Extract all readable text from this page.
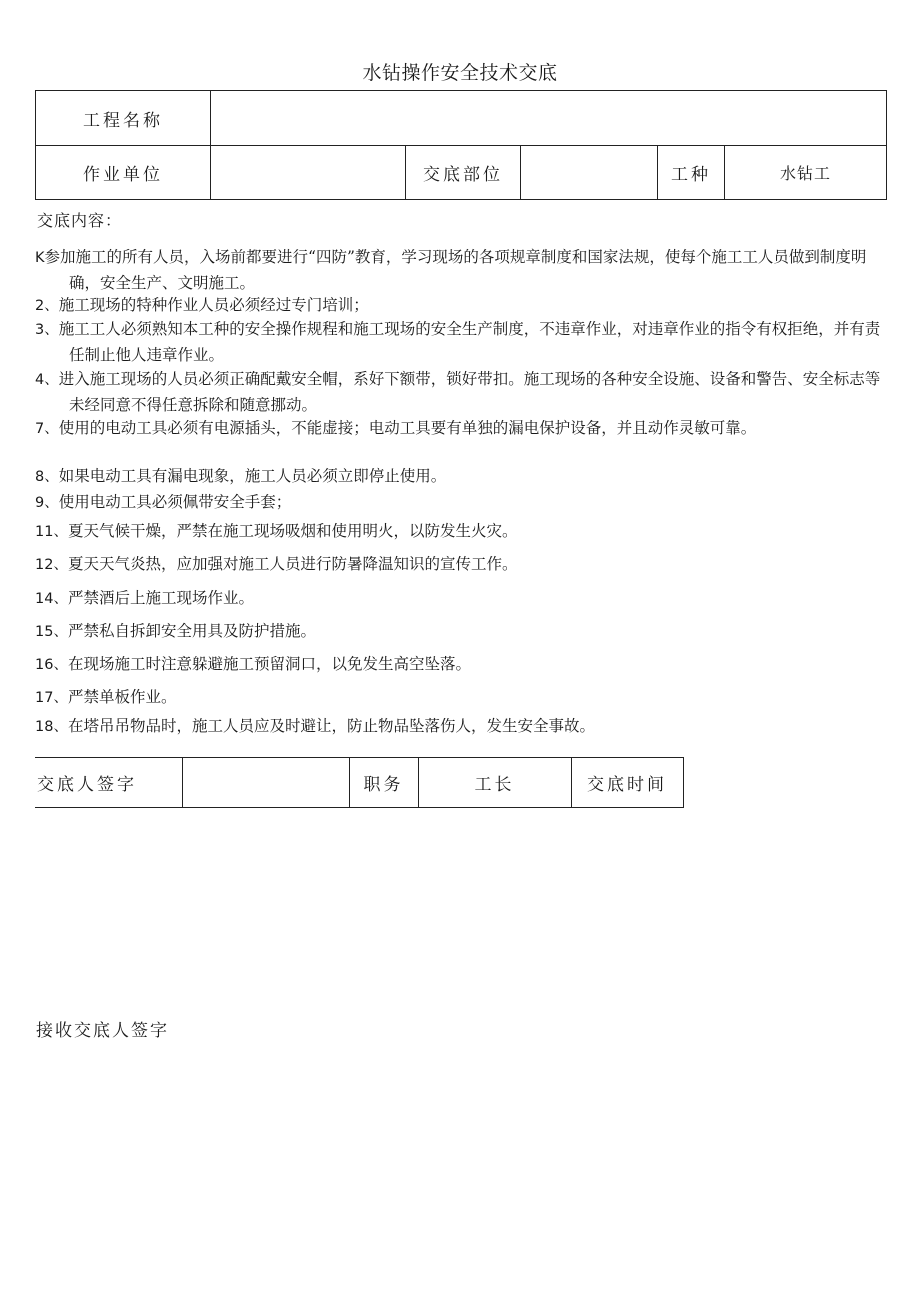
水钻操作安全技术交底
工程名称					
作业单位		交底部位		工种	水钻工
交底内容：
K参加施工的所有人员，入场前都要进行“四防”教育，学习现场的各项规章制度和国家法规，使每个施工工人员做到制度明确，安全生产、文明施工。
2、施工现场的特种作业人员必须经过专门培训；
3、施工工人必须熟知本工种的安全操作规程和施工现场的安全生产制度，不违章作业，对违章作业的指令有权拒绝，并有责任制止他人违章作业。
4、进入施工现场的人员必须正确配戴安全帽，系好下额带，锁好带扣。施工现场的各种安全设施、设备和警告、安全标志等未经同意不得任意拆除和随意挪动。
7、使用的电动工具必须有电源插头，不能虚接；电动工具要有单独的漏电保护设备，并且动作灵敏可靠。
8、如果电动工具有漏电现象，施工人员必须立即停止使用。
9、使用电动工具必须佩带安全手套；
11、夏天气候干燥，严禁在施工现场吸烟和使用明火，以防发生火灾。
12、夏天天气炎热，应加强对施工人员进行防暑降温知识的宣传工作。
14、严禁酒后上施工现场作业。
15、严禁私自拆卸安全用具及防护措施。
16、在现场施工时注意躲避施工预留洞口，以免发生高空坠落。
17、严禁单板作业。
18、在塔吊吊物品时，施工人员应及时避让，防止物品坠落伤人，发生安全事故。
交底人签字		职务	工长	交底时间
接收交底人签字
